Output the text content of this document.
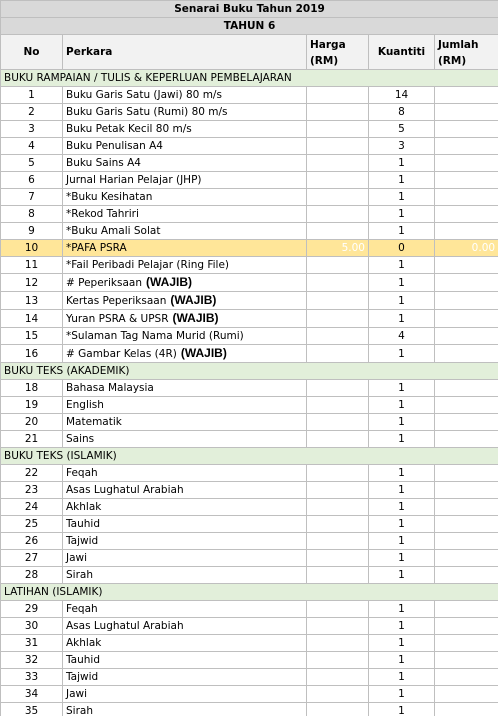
Senarai Buku Tahun 2019				
TAHUN 6				
No	Perkara	Harga (RM)	Kuantiti	Jumlah (RM)
BUKU RAMPAIAN / TULIS & KEPERLUAN PEMBELAJARAN				
1	Buku Garis Satu (Jawi) 80 m/s		14	
2	Buku Garis Satu (Rumi) 80 m/s		8	
3	Buku Petak Kecil 80 m/s		5	
4	Buku Penulisan A4		3	
5	Buku Sains A4		1	
6	Jurnal Harian Pelajar (JHP)		1	
7	*Buku Kesihatan		1	
8	*Rekod Tahriri		1	
9	*Buku Amali Solat		1	
10	*PAFA PSRA	5.00	0	0.00
11	*Fail Peribadi Pelajar (Ring File)		1	
12	# Peperiksaan (WAJIB)		1	
13	Kertas Peperiksaan (WAJIB)		1	
14	Yuran PSRA & UPSR (WAJIB)		1	
15	*Sulaman Tag Nama Murid (Rumi)		4	
16	# Gambar Kelas (4R) (WAJIB)		1	
BUKU TEKS (AKADEMIK)				
18	Bahasa Malaysia		1	
19	English		1	
20	Matematik		1	
21	Sains		1	
BUKU TEKS (ISLAMIK)				
22	Feqah		1	
23	Asas Lughatul Arabiah		1	
24	Akhlak		1	
25	Tauhid		1	
26	Tajwid		1	
27	Jawi		1	
28	Sirah		1	
LATIHAN (ISLAMIK)				
29	Feqah		1	
30	Asas Lughatul Arabiah		1	
31	Akhlak		1	
32	Tauhid		1	
33	Tajwid		1	
34	Jawi		1	
35	Sirah		1	
